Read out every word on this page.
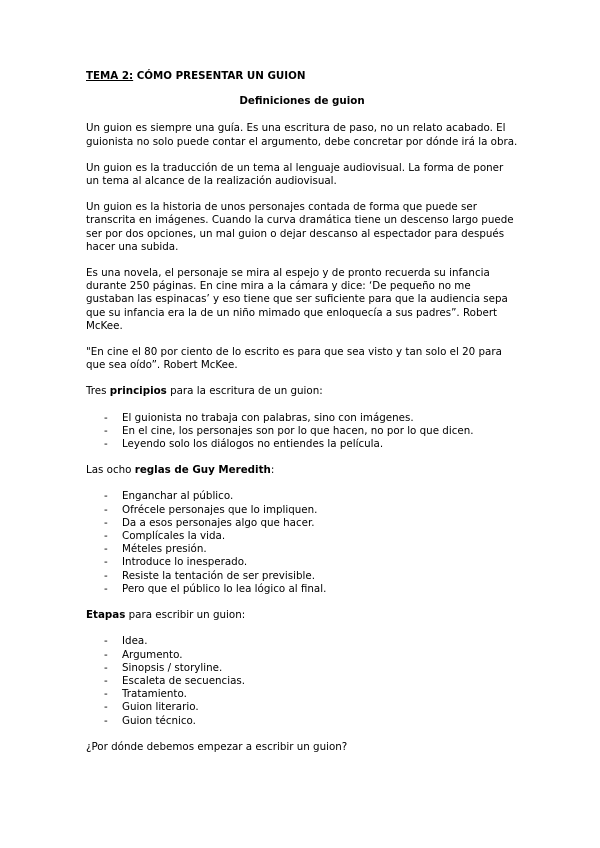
TEMA 2: CÓMO PRESENTAR UN GUION
Definiciones de guion

Un guion es siempre una guía. Es una escritura de paso, no un relato acabado. El guionista no solo puede contar el argumento, debe concretar por dónde irá la obra.

Un guion es la traducción de un tema al lenguaje audiovisual. La forma de poner un tema al alcance de la realización audiovisual.

Un guion es la historia de unos personajes contada de forma que puede ser transcrita en imágenes. Cuando la curva dramática tiene un descenso largo puede ser por dos opciones, un mal guion o dejar descanso al espectador para después hacer una subida.

Es una novela, el personaje se mira al espejo y de pronto recuerda su infancia durante 250 páginas. En cine mira a la cámara y dice: ‘De pequeño no me gustaban las espinacas’ y eso tiene que ser suficiente para que la audiencia sepa que su infancia era la de un niño mimado que enloquecía a sus padres”. Robert McKee.

"En cine el 80 por ciento de lo escrito es para que sea visto y tan solo el 20 para que sea oído”. Robert McKee.

Tres principios para la escritura de un guion:

- El guionista no trabaja con palabras, sino con imágenes.
- En el cine, los personajes son por lo que hacen, no por lo que dicen.
- Leyendo solo los diálogos no entiendes la película.

Las ocho reglas de Guy Meredith:

- Enganchar al público.
- Ofrécele personajes que lo impliquen.
- Da a esos personajes algo que hacer.
- Complícales la vida.
- Mételes presión.
- Introduce lo inesperado.
- Resiste la tentación de ser previsible.
- Pero que el público lo lea lógico al final.

Etapas para escribir un guion:

- Idea.
- Argumento.
- Sinopsis / storyline.
- Escaleta de secuencias.
- Tratamiento.
- Guion literario.
- Guion técnico.

¿Por dónde debemos empezar a escribir un guion?
